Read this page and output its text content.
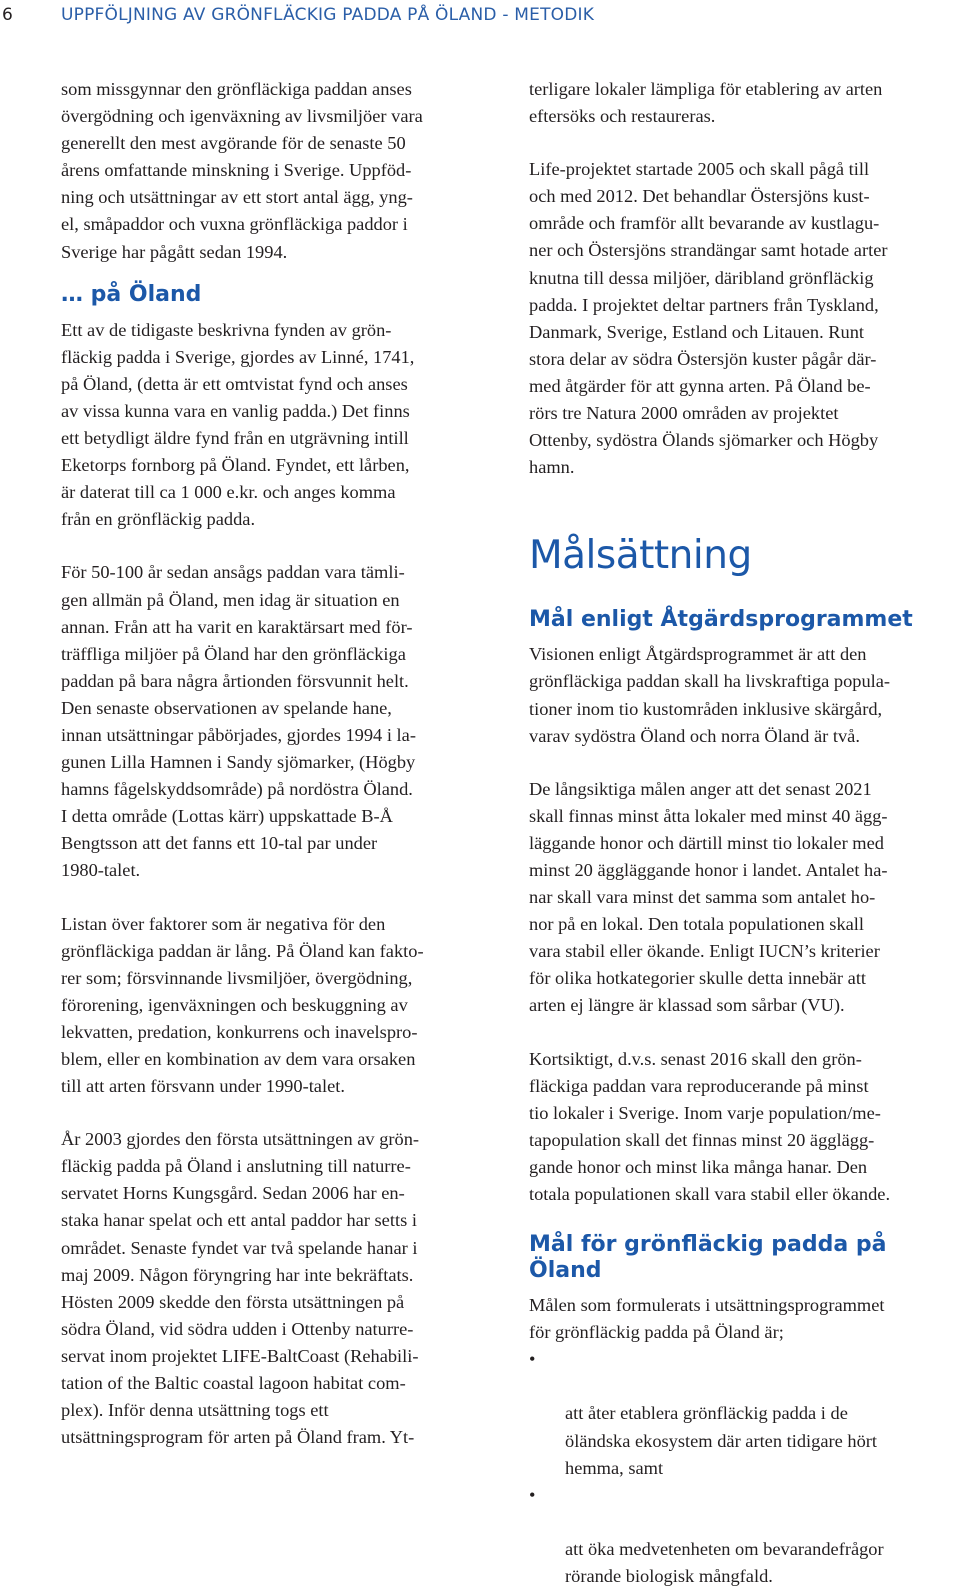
6	UPPFÖLJNING AV GRÖNFLÄCKIG PADDA PÅ ÖLAND - METODIK

som missgynnar den grönfläckiga paddan anses
övergödning och igenväxning av livsmiljöer vara
generellt den mest avgörande för de senaste 50
årens omfattande minskning i Sverige. Uppföd-
ning och utsättningar av ett stort antal ägg, yng-
el, småpaddor och vuxna grönfläckiga paddor i
Sverige har pågått sedan 1994.

… på Öland

Ett av de tidigaste beskrivna fynden av grön-
fläckig padda i Sverige, gjordes av Linné, 1741,
på Öland, (detta är ett omtvistat fynd och anses
av vissa kunna vara en vanlig padda.) Det finns
ett betydligt äldre fynd från en utgrävning intill
Eketorps fornborg på Öland. Fyndet, ett lårben,
är daterat till ca 1 000 e.kr. och anges komma
från en grönfläckig padda.

För 50-100 år sedan ansågs paddan vara tämli-
gen allmän på Öland, men idag är situation en
annan. Från att ha varit en karaktärsart med för-
träffliga miljöer på Öland har den grönfläckiga
paddan på bara några årtionden försvunnit helt.
Den senaste observationen av spelande hane,
innan utsättningar påbörjades, gjordes 1994 i la-
gunen Lilla Hamnen i Sandy sjömarker, (Högby
hamns fågelskyddsområde) på nordöstra Öland.
I detta område (Lottas kärr) uppskattade B-Å
Bengtsson att det fanns ett 10-tal par under
1980-talet.

Listan över faktorer som är negativa för den
grönfläckiga paddan är lång. På Öland kan fakto-
rer som; försvinnande livsmiljöer, övergödning,
förorening, igenväxningen och beskuggning av
lekvatten, predation, konkurrens och inavelspro-
blem, eller en kombination av dem vara orsaken
till att arten försvann under 1990-talet.

År 2003 gjordes den första utsättningen av grön-
fläckig padda på Öland i anslutning till naturre-
servatet Horns Kungsgård. Sedan 2006 har en-
staka hanar spelat och ett antal paddor har setts i
området. Senaste fyndet var två spelande hanar i
maj 2009. Någon föryngring har inte bekräftats.
Hösten 2009 skedde den första utsättningen på
södra Öland, vid södra udden i Ottenby naturre-
servat inom projektet LIFE-BaltCoast (Rehabili-
tation of the Baltic coastal lagoon habitat com-
plex). Inför denna utsättning togs ett
utsättningsprogram för arten på Öland fram. Yt-

terligare lokaler lämpliga för etablering av arten
eftersöks och restaureras.

Life-projektet startade 2005 och skall pågå till
och med 2012. Det behandlar Östersjöns kust-
område och framför allt bevarande av kustlagu-
ner och Östersjöns strandängar samt hotade arter
knutna till dessa miljöer, däribland grönfläckig
padda. I projektet deltar partners från Tyskland,
Danmark, Sverige, Estland och Litauen. Runt
stora delar av södra Östersjön kuster pågår där-
med åtgärder för att gynna arten. På Öland be-
rörs tre Natura 2000 områden av projektet
Ottenby, sydöstra Ölands sjömarker och Högby
hamn.

Målsättning
Mål enligt Åtgärdsprogrammet

Visionen enligt Åtgärdsprogrammet är att den
grönfläckiga paddan skall ha livskraftiga popula-
tioner inom tio kustområden inklusive skärgård,
varav sydöstra Öland och norra Öland är två.

De långsiktiga målen anger att det senast 2021
skall finnas minst åtta lokaler med minst 40 ägg-
läggande honor och därtill minst tio lokaler med
minst 20 äggläggande honor i landet. Antalet ha-
nar skall vara minst det samma som antalet ho-
nor på en lokal. Den totala populationen skall
vara stabil eller ökande. Enligt IUCN’s kriterier
för olika hotkategorier skulle detta innebär att
arten ej längre är klassad som sårbar (VU).

Kortsiktigt, d.v.s. senast 2016 skall den grön-
fläckiga paddan vara reproducerande på minst
tio lokaler i Sverige. Inom varje population/me-
tapopulation skall det finnas minst 20 ägglägg-
gande honor och minst lika många hanar. Den
totala populationen skall vara stabil eller ökande.

Mål för grönfläckig padda på Öland

Målen som formulerats i utsättningsprogrammet
för grönfläckig padda på Öland är;

•

att åter etablera grönfläckig padda i de
öländska ekosystem där arten tidigare hört
hemma, samt

•

att öka medvetenheten om bevarandefrågor
rörande biologisk mångfald.
